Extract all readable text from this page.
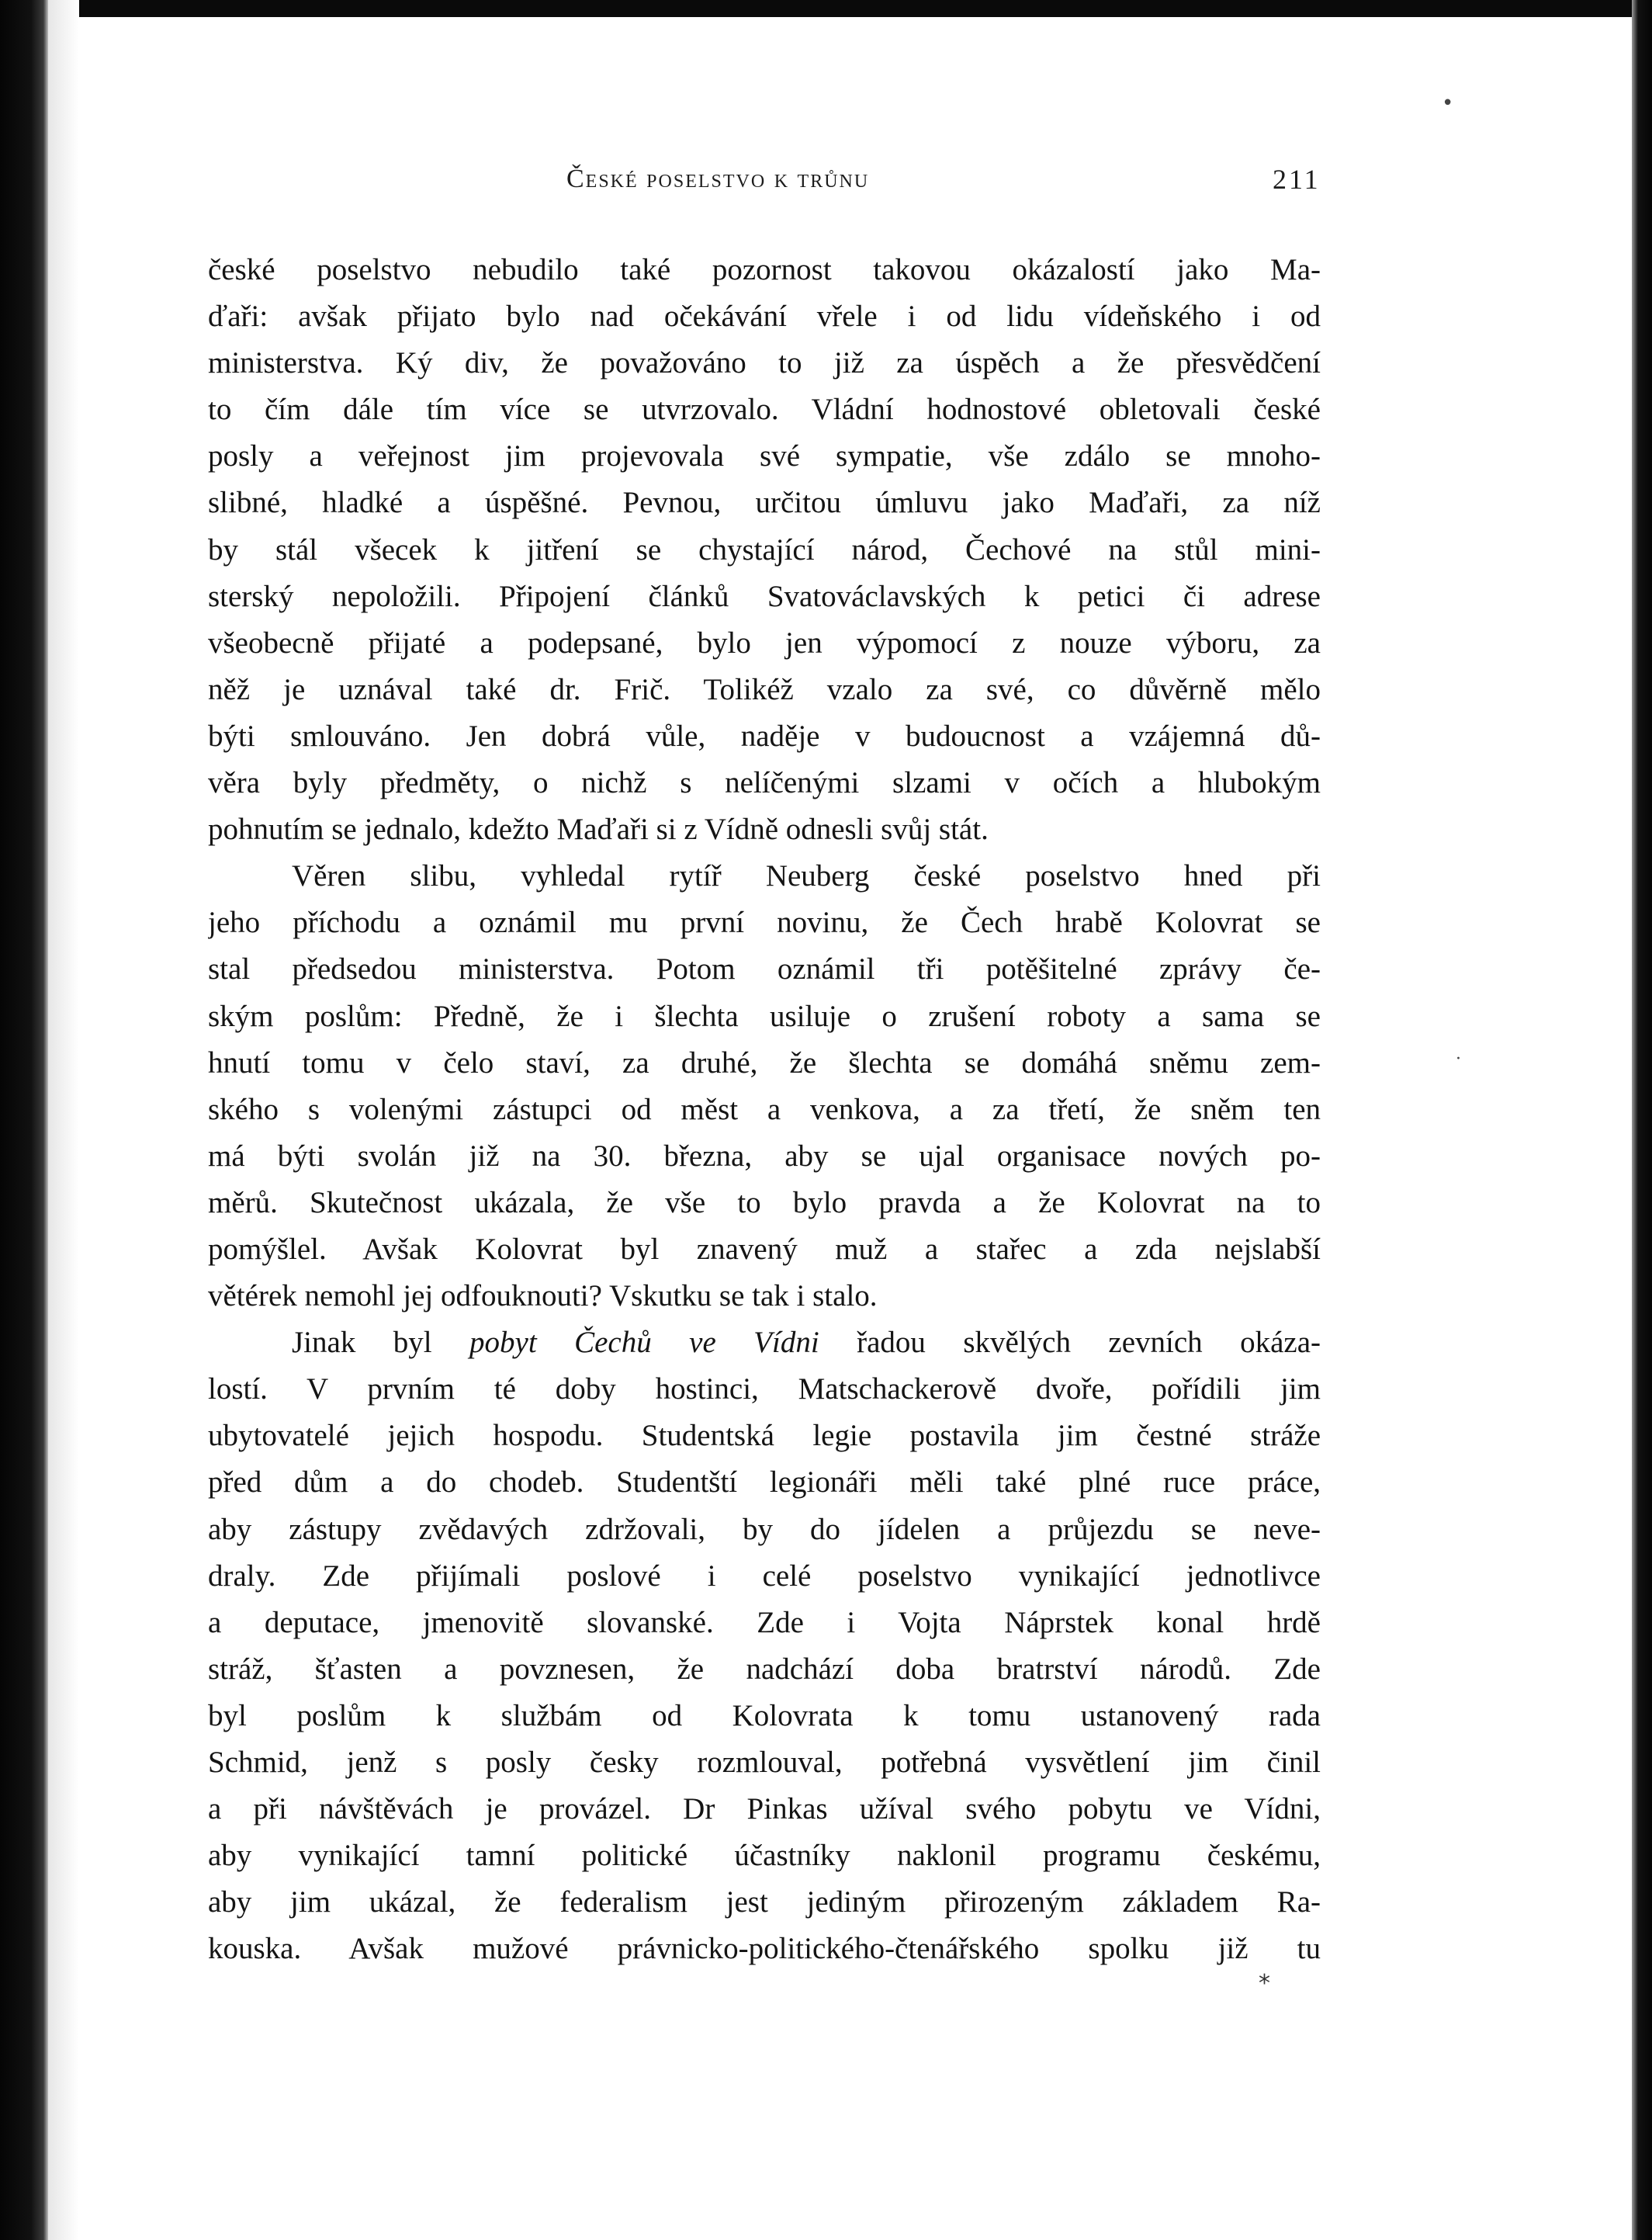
•
·
České poselstvo k trůnu	211
české poselstvo nebudilo také pozornost takovou okázalostí jako Ma-
ďaři: avšak přijato bylo nad očekávání vřele i od lidu vídeňského i od
ministerstva. Ký div, že považováno to již za úspěch a že přesvědčení
to čím dále tím více se utvrzovalo. Vládní hodnostové obletovali české
posly a veřejnost jim projevovala své sympatie, vše zdálo se mnoho-
slibné, hladké a úspěšné. Pevnou, určitou úmluvu jako Maďaři, za níž
by stál všecek k jitření se chystající národ, Čechové na stůl mini-
sterský nepoložili. Připojení článků Svatováclavských k petici či adrese
všeobecně přijaté a podepsané, bylo jen výpomocí z nouze výboru, za
něž je uznával také dr. Frič. Tolikéž vzalo za své, co důvěrně mělo
býti smlouváno. Jen dobrá vůle, naděje v budoucnost a vzájemná dů-
věra byly předměty, o nichž s nelíčenými slzami v očích a hlubokým
pohnutím se jednalo, kdežto Maďaři si z Vídně odnesli svůj stát.
Věren slibu, vyhledal rytíř Neuberg české poselstvo hned při
jeho příchodu a oznámil mu první novinu, že Čech hrabě Kolovrat se
stal předsedou ministerstva. Potom oznámil tři potěšitelné zprávy če-
ským poslům: Předně, že i šlechta usiluje o zrušení roboty a sama se
hnutí tomu v čelo staví, za druhé, že šlechta se domáhá sněmu zem-
ského s volenými zástupci od měst a venkova, a za třetí, že sněm ten
má býti svolán již na 30. března, aby se ujal organisace nových po-
měrů. Skutečnost ukázala, že vše to bylo pravda a že Kolovrat na to
pomýšlel. Avšak Kolovrat byl znavený muž a stařec a zda nejslabší
větérek nemohl jej odfouknouti? Vskutku se tak i stalo.
Jinak byl pobyt Čechů ve Vídni řadou skvělých zevních okáza-
lostí. V prvním té doby hostinci, Matschackerově dvoře, pořídili jim
ubytovatelé jejich hospodu. Studentská legie postavila jim čestné stráže
před dům a do chodeb. Studentští legionáři měli také plné ruce práce,
aby zástupy zvědavých zdržovali, by do jídelen a průjezdu se neve-
draly. Zde přijímali poslové i celé poselstvo vynikající jednotlivce
a deputace, jmenovitě slovanské. Zde i Vojta Náprstek konal hrdě
stráž, šťasten a povznesen, že nadchází doba bratrství národů. Zde
byl poslům k službám od Kolovrata k tomu ustanovený rada
Schmid, jenž s posly česky rozmlouval, potřebná vysvětlení jim činil
a při návštěvách je provázel. Dr Pinkas užíval svého pobytu ve Vídni,
aby vynikající tamní politické účastníky naklonil programu českému,
aby jim ukázal, že federalism jest jediným přirozeným základem Ra-
kouska. Avšak mužové právnicko-politického-čtenářského spolku již tu
*
